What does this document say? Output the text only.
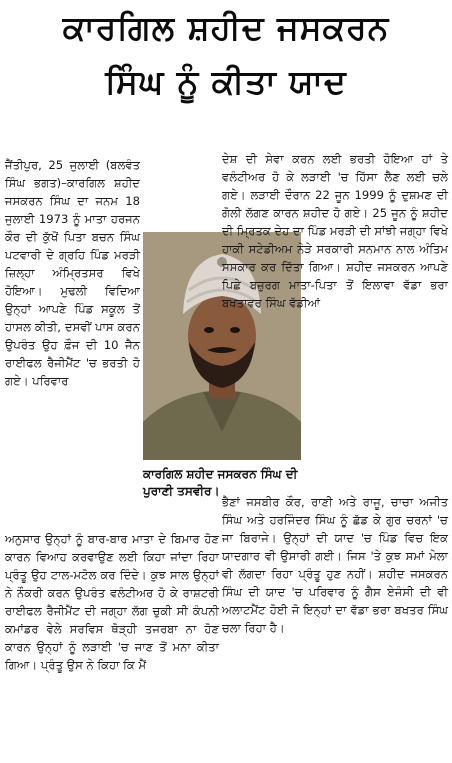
ਕਾਰਗਿਲ ਸ਼ਹੀਦ ਜਸਕਰਨ
ਸਿੰਘ ਨੂੰ ਕੀਤਾ ਯਾਦ

ਜੈਂਤੀਪੁਰ, 25 ਜੁਲਾਈ (ਬਲਵੰਤ ਸਿੰਘ ਭਗਤ)–ਕਾਰਗਿਲ ਸ਼ਹੀਦ ਜਸਕਰਨ ਸਿੰਘ ਦਾ ਜਨਮ 18 ਜੁਲਾਈ 1973 ਨੂੰ ਮਾਤਾ ਹਰਜਨ ਕੌਰ ਦੀ ਕੁੱਖੋਂ ਪਿਤਾ ਬਚਨ ਸਿੰਘ ਪਟਵਾਰੀ ਦੇ ਗ੍ਰਹਿ ਪਿੰਡ ਮਰੜੀ ਜ਼ਿਲ੍ਹਾ ਅੰਮ੍ਰਿਤਸਰ ਵਿਖੇ ਹੋਇਆ। ਮੁਢਲੀ ਵਿਦਿਆ ਉਨ੍ਹਾਂ ਆਪਣੇ ਪਿੰਡ ਸਕੂਲ ਤੋਂ ਹਾਸਲ ਕੀਤੀ, ਦਸਵੀਂ ਪਾਸ ਕਰਨ ਉਪਰੰਤ ਉਹ ਫ਼ੌਜ ਦੀ 10 ਜੈਨ ਰਾਈਫਲ ਰੈਜੀਮੈਂਟ 'ਚ ਭਰਤੀ ਹੋ ਗਏ। ਪਰਿਵਾਰ

ਕਾਰਗਿਲ ਸ਼ਹੀਦ ਜਸਕਰਨ ਸਿੰਘ ਦੀ ਪੁਰਾਣੀ ਤਸਵੀਰ।

ਦੇਸ਼ ਦੀ ਸੇਵਾ ਕਰਨ ਲਈ ਭਰਤੀ ਹੋਇਆ ਹਾਂ ਤੇ ਵਲੰਟੀਅਰ ਹੋ ਕੇ ਲੜਾਈ 'ਚ ਹਿੱਸਾ ਲੈਣ ਲਈ ਚਲੇ ਗਏ। ਲੜਾਈ ਦੌਰਾਨ 22 ਜੂਨ 1999 ਨੂੰ ਦੁਸ਼ਮਣ ਦੀ ਗੋਲੀ ਲੱਗਣ ਕਾਰਨ ਸ਼ਹੀਦ ਹੋ ਗਏ। 25 ਜੂਨ ਨੂੰ ਸ਼ਹੀਦ ਦੀ ਮ੍ਰਿਤਕ ਦੇਹ ਦਾ ਪਿੰਡ ਮਰੜੀ ਦੀ ਸਾਂਝੀ ਜਗ੍ਹਾ ਵਿਖੇ ਹਾਕੀ ਸਟੇਡੀਅਮ ਨੇੜੇ ਸਰਕਾਰੀ ਸਨਮਾਨ ਨਾਲ ਅੰਤਿਮ ਸਸਕਾਰ ਕਰ ਦਿੱਤਾ ਗਿਆ। ਸ਼ਹੀਦ ਜਸਕਰਨ ਆਪਣੇ ਪਿਛੇ ਬਜ਼ੁਰਗ ਮਾਤਾ-ਪਿਤਾ ਤੋਂ ਇਲਾਵਾ ਵੱਡਾ ਭਰਾ ਬਖਤਾਵਰ ਸਿੰਘ ਵੱਡੀਆਂ

ਅਨੁਸਾਰ ਉਨ੍ਹਾਂ ਨੂੰ ਬਾਰ-ਬਾਰ ਮਾਤਾ ਦੇ ਬਿਮਾਰ ਹੋਣ ਕਾਰਨ ਵਿਆਹ ਕਰਵਾਉਣ ਲਈ ਕਿਹਾ ਜਾਂਦਾ ਰਿਹਾ ਪ੍ਰੰਤੂ ਉਹ ਟਾਲ-ਮਟੋਲ ਕਰ ਦਿੰਦੇ। ਕੁਝ ਸਾਲ ਉਨ੍ਹਾਂ ਨੇ ਨੌਕਰੀ ਕਰਨ ਉਪਰੰਤ ਵਲੰਟੀਅਰ ਹੋ ਕੇ ਰਾਸ਼ਟਰੀ ਰਾਈਫਲ ਰੈਜੀਮੈਂਟ ਦੀ ਜਗ੍ਹਾ ਲੱਗ ਚੁਕੀ ਸੀ ਕੰਪਨੀ ਕਮਾਂਡਰ ਵੇਲੇ ਸਰਵਿਸ ਥੋੜ੍ਹੀ ਤਜਰਬਾ ਨਾ ਹੋਣ ਕਾਰਨ ਉਨ੍ਹਾਂ ਨੂੰ ਲੜਾਈ 'ਚ ਜਾਣ ਤੋਂ ਮਨਾ ਕੀਤਾ ਗਿਆ। ਪ੍ਰੰਤੂ ਉਸ ਨੇ ਕਿਹਾ ਕਿ ਮੈਂ

ਭੈਣਾਂ ਜਸਬੀਰ ਕੌਰ, ਰਾਣੀ ਅਤੇ ਰਾਜੂ, ਚਾਚਾ ਅਜੀਤ ਸਿੰਘ ਅਤੇ ਹਰਜਿੰਦਰ ਸਿੰਘ ਨੂੰ ਛੱਡ ਕੇ ਗੁਰ ਚਰਨਾਂ 'ਚ ਜਾ ਬਿਰਾਜੇ। ਉਨ੍ਹਾਂ ਦੀ ਯਾਦ 'ਚ ਪਿੰਡ ਵਿਚ ਇਕ ਯਾਦਗਾਰ ਵੀ ਉਸਾਰੀ ਗਈ। ਜਿਸ 'ਤੇ ਕੁਝ ਸਮਾਂ ਮੇਲਾ ਵੀ ਲੱਗਦਾ ਰਿਹਾ ਪ੍ਰੰਤੂ ਹੁਣ ਨਹੀਂ। ਸ਼ਹੀਦ ਜਸਕਰਨ ਸਿੰਘ ਦੀ ਯਾਦ 'ਚ ਪਰਿਵਾਰ ਨੂੰ ਗੈਸ ਏਜੰਸੀ ਦੀ ਵੀ ਅਲਾਟਮੈਂਟ ਹੋਈ ਜੋ ਇਨ੍ਹਾਂ ਦਾ ਵੱਡਾ ਭਰਾ ਬਖਤਰ ਸਿੰਘ ਚਲਾ ਰਿਹਾ ਹੈ।
